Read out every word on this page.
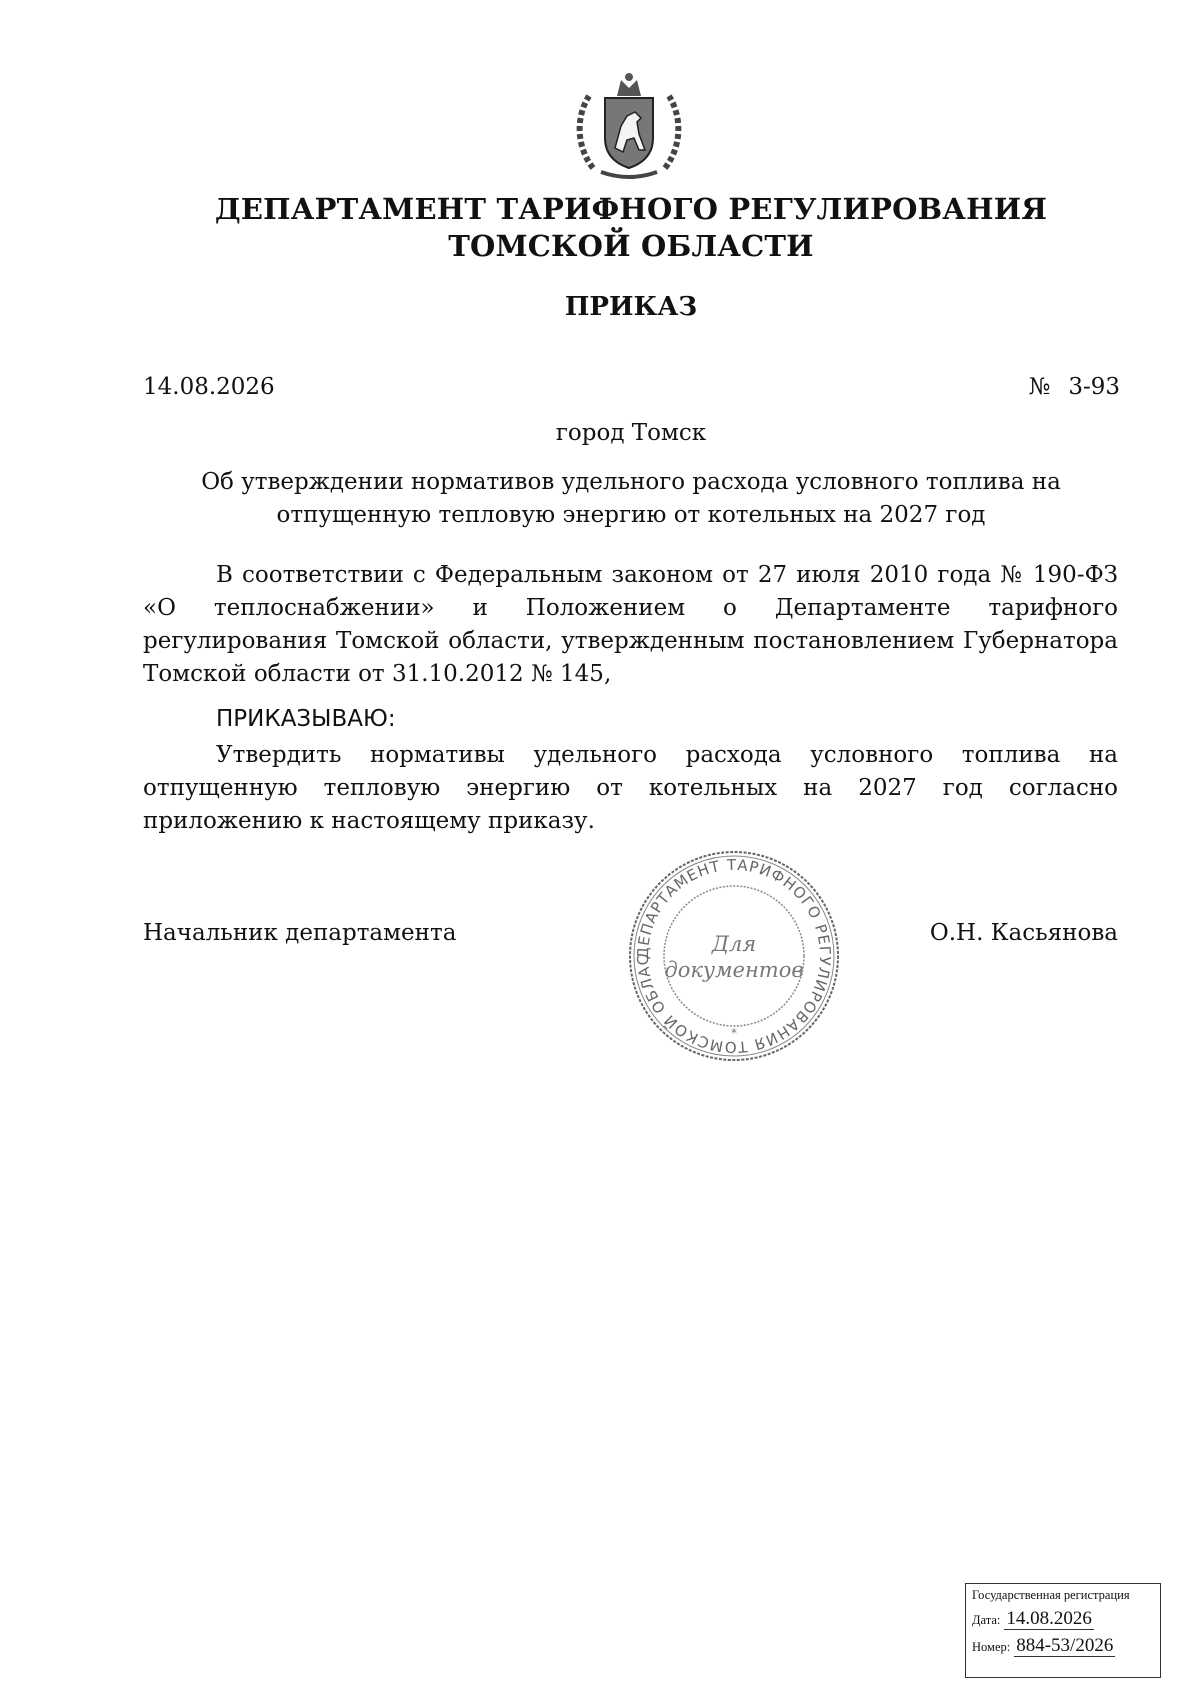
ДЕПАРТАМЕНТ ТАРИФНОГО РЕГУЛИРОВАНИЯ
ТОМСКОЙ ОБЛАСТИ
ПРИКАЗ
14.08.2026	№ 3-93
город Томск
Об утверждении нормативов удельного расхода условного топлива на отпущенную тепловую энергию от котельных на 2027 год
В соответствии с Федеральным законом от 27 июля 2010 года № 190-ФЗ «О теплоснабжении» и Положением о Департаменте тарифного регулирования Томской области, утвержденным постановлением Губернатора Томской области от 31.10.2012 № 145,
ПРИКАЗЫВАЮ:
Утвердить нормативы удельного расхода условного топлива на отпущенную тепловую энергию от котельных на 2027 год согласно приложению к настоящему приказу.
Начальник департамента	О.Н. Касьянова
ДЕПАРТАМЕНТ ТАРИФНОГО РЕГУЛИРОВАНИЯ ТОМСКОЙ ОБЛАС
Для
документов
*
Государственная регистрация
Дата: 14.08.2026
Номер: 884-53/2026
